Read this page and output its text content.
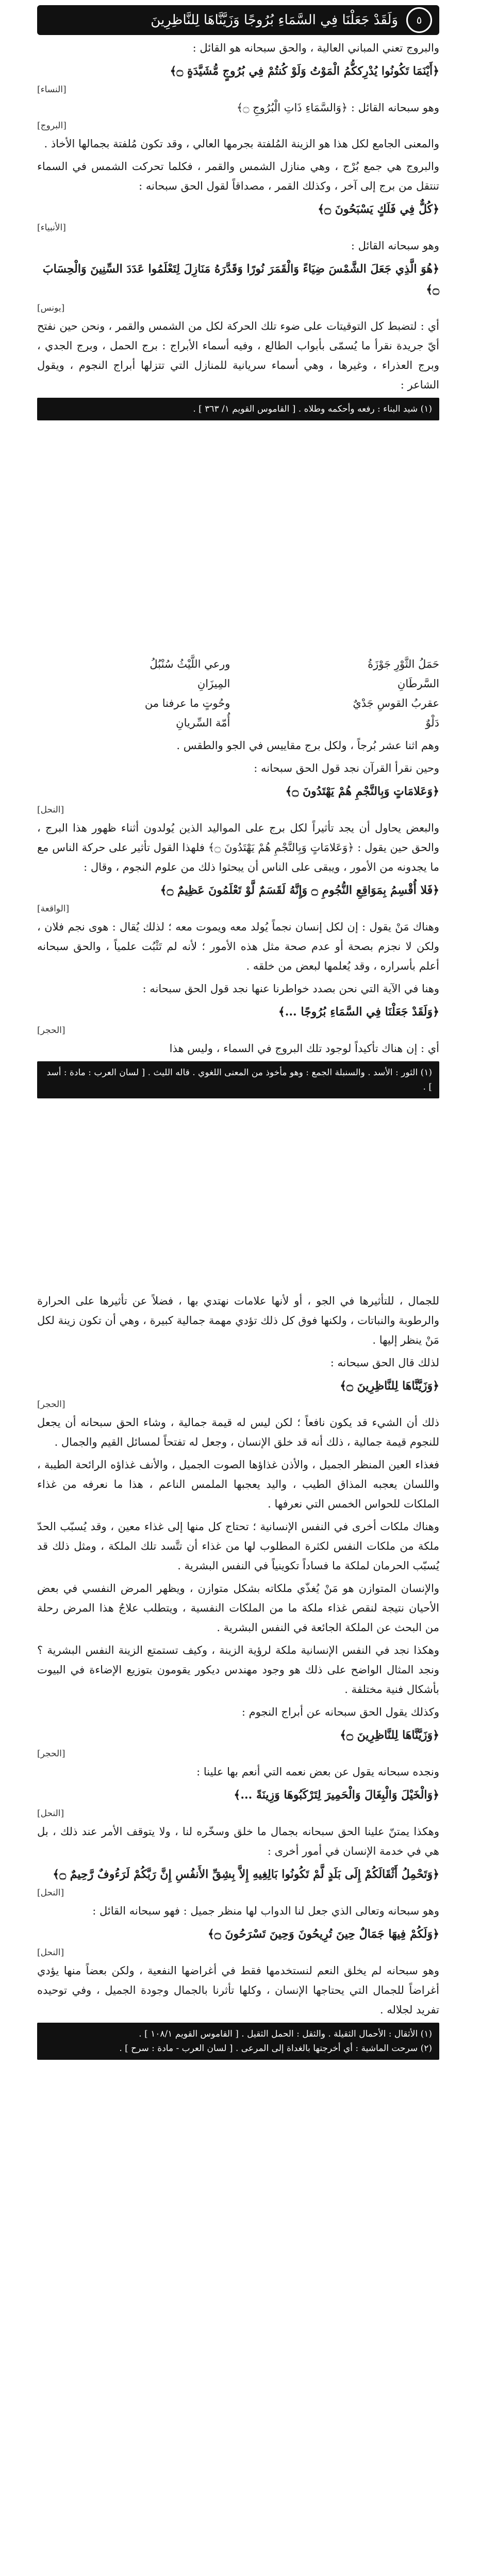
٥
وَلَقَدْ جَعَلْنَا فِي السَّمَاءِ بُرُوجًا وَزَيَّنَّاهَا لِلنَّاظِرِينَ

والبروج تعني المباني العالية ، والحق سبحانه هو القائل :

﴿أَيْنَمَا تَكُونُوا يُدْرِككُّمُ الْمَوْتُ وَلَوْ كُنتُمْ فِي بُرُوجٍ مُّشَيَّدَةٍ ۝﴾

[النساء]

وهو سبحانه القائل : ﴿وَالسَّمَاءِ ذَاتِ الْبُرُوجِ ۝﴾

[البروج]

والمعنى الجامع لكل هذا هو الزينة المُلفتة بجرمها العالي ، وقد تكون مُلفتة بجمالها الأخاذ .

والبروج هي جمع بُرْج ، وهي منازل الشمس والقمر ، فكلما تحركت الشمس في السماء تنتقل من برج إلى آخر ، وكذلك القمر ، مصداقاً لقول الحق سبحانه :

﴿كُلٌّ فِي فَلَكٍ يَسْبَحُونَ ۝﴾

[الأنبياء]

وهو سبحانه القائل :

﴿هُوَ الَّذِي جَعَلَ الشَّمْسَ ضِيَاءً وَالْقَمَرَ نُورًا وَقَدَّرَهُ مَنَازِلَ لِتَعْلَمُوا عَدَدَ السِّنِينَ وَالْحِسَابَ ۝﴾

[يونس]

أي : لتضبط كل التوقيتات على ضوء تلك الحركة لكل من الشمس والقمر ، ونحن حين نفتح أيّ جريدة نقرأ ما يُسمّى بأبواب الطالع ، وفيه أسماء الأبراج : برج الحمل ، وبرج الجدي ، وبرج العذراء ، وغيرها ، وهي أسماء سريانية للمنازل التي تتزلها أبراج النجوم ، ويقول الشاعر :

(١) شيد البناء : رفعه وأحكمه وطلاه . [ القاموس القويم ١/ ٣٦٣ ] .
حَمَلُ الثَّوْرِ جَوْزَةُ السَّرطَانِ
عقربُ القوسِ جَدْيٌ دَلْوٌ
ورعي اللَّيْثُ سُنْبُلُ المِيزَانِ
وحُوتٍ ما عرفنا من أُمّة السِّريانِ

وهم اثنا عشر بُرجاً ، ولكل برج مقاييس في الجو والطقس .

وحين نقرأ القرآن نجد قول الحق سبحانه :

﴿وَعَلامَاتٍ وَبِالنَّجْمِ هُمْ يَهْتَدُونَ ۝﴾

[النحل]

والبعض يحاول أن يجد تأثيراً لكل برج على المواليد الذين يُولدون أثناء ظهور هذا البرج ، والحق حين يقول : ﴿وَعَلامَاتٍ وَبِالنَّجْمِ هُمْ يَهْتَدُونَ ۝﴾ فلهذا القول تأثير على حركة الناس مع ما يجدونه من الأمور ، ويبقى على الناس أن يبحثوا ذلك من علوم النجوم ، وقال :

﴿فَلا أُقْسِمُ بِمَوَاقِعِ النُّجُومِ ۝ وَإِنَّهُ لَقَسَمٌ لَّوْ تَعْلَمُونَ عَظِيمٌ ۝﴾

[الواقعة]

وهناك مَنْ يقول : إن لكل إنسان نجماً يُولد معه ويموت معه ؛ لذلك يُقال : هوى نجم فلان ، ولكن لا نجزم بصحة أو عدم صحة مثل هذه الأمور ؛ لأنه لم تَثْبُت علمياً ، والحق سبحانه أعلم بأسراره ، وقد يُعلمها لبعض من خلقه .

وهنا في الآية التي نحن بصدد خواطرنا عنها نجد قول الحق سبحانه :

﴿وَلَقَدْ جَعَلْنَا فِي السَّمَاءِ بُرُوجًا ...﴾

[الحجر]

أي : إن هناك تأكيداً لوجود تلك البروج في السماء ، وليس هذا

(١) الثور : الأسد . والسنبلة الجمع : وهو مأخوذ من المعنى اللغوي . قاله الليث . [ لسان العرب : مادة : أسد ] .

للجمال ، للتأثيرها في الجو ، أو لأنها علامات نهتدي بها ، فضلاً عن تأثيرها على الحرارة والرطوبة والنباتات ، ولكنها فوق كل ذلك تؤدي مهمة جمالية كبيرة ، وهي أن تكون زينة لكل مَنْ ينظر إليها .

لذلك قال الحق سبحانه :

﴿وَزَيَّنَّاهَا لِلنَّاظِرِينَ ۝﴾

[الحجر]

ذلك أن الشيء قد يكون نافعاً ؛ لكن ليس له قيمة جمالية ، وشاء الحق سبحانه أن يجعل للنجوم قيمة جمالية ، ذلك أنه قد خلق الإنسان ، وجعل له تفتحاً لمسائل القيم والجمال .

فغذاء العين المنظر الجميل ، والأذن غذاؤها الصوت الجميل ، والأنف غذاؤه الرائحة الطيبة ، واللسان يعجبه المذاق الطيب ، واليد يعجبها الملمس الناعم ، هذا ما نعرفه من غذاء الملكات للحواس الخمس التي نعرفها .

وهناك ملكات أخرى في النفس الإنسانية ؛ تحتاج كل منها إلى غذاء معين ، وقد يُسبّب الحدّ ملكة من ملكات النفس لكثرة المطلوب لها من غذاء أن تتَّسد تلك الملكة ، ومثل ذلك قد يُسبّب الحرمان لملكة ما فساداً تكوينياً في النفس البشرية .

والإنسان المتوازن هو مَنْ يُغذّي ملكاته بشكل متوازن ، ويظهر المرض النفسي في بعض الأحيان نتيجة لنقص غذاء ملكة ما من الملكات النفسية ، ويتطلب علاجُ هذا المرض رحلة من البحث عن الملكة الجائعة في النفس البشرية .

وهكذا نجد في النفس الإنسانية ملكة لرؤية الزينة ، وكيف تستمتع الزينة النفس البشرية ؟ ونجد المثال الواضح على ذلك هو وجود مهندس ديكور يقومون بتوزيع الإضاءة في البيوت بأشكال فنية مختلفة .

وكذلك يقول الحق سبحانه عن أبراج النجوم :

﴿وَزَيَّنَّاهَا لِلنَّاظِرِينَ ۝﴾

[الحجر]

ونجده سبحانه يقول عن بعض نعمه التي أنعم بها علينا :

﴿وَالْخَيْلَ وَالْبِغَالَ وَالْحَمِيرَ لِتَرْكَبُوهَا وَزِينَةً ...﴾

[النحل]

وهكذا يمتنّ علينا الحق سبحانه بجمال ما خلق وسخّره لنا ، ولا يتوقف الأمر عند ذلك ، بل هي في خدمة الإنسان في أمور أخرى :

﴿وَتَحْمِلُ أَثْقَالَكُمْ إِلَى بَلَدٍ لَّمْ تَكُونُوا بَالِغِيهِ إِلاَّ بِشِقِّ الأَنفُسِ إِنَّ رَبَّكُمْ لَرَءُوفٌ رَّحِيمٌ ۝﴾

[النحل]

وهو سبحانه وتعالى الذي جعل لنا الدواب لها منظر جميل : فهو سبحانه القائل :

﴿وَلَكُمْ فِيهَا جَمَالٌ حِينَ تُرِيحُونَ وَحِينَ تَسْرَحُونَ ۝﴾

[النحل]

وهو سبحانه لم يخلق النعم لنستخدمها فقط في أغراضها النفعية ، ولكن بعضاً منها يؤدي أغراضاً للجمال التي يحتاجها الإنسان ، وكلها تأثرنا بالجمال وجودة الجميل ، وفي توحيده تفريد لجلاله .

(١) الأثقال : الأحمال الثقيلة . والثقل : الحمل الثقيل . [ القاموس القويم ١٠٨/١ ] .
(٢) سرحت الماشية : أي أخرجتها بالغداة إلى المرعى . [ لسان العرب - مادة : سرح ] .
